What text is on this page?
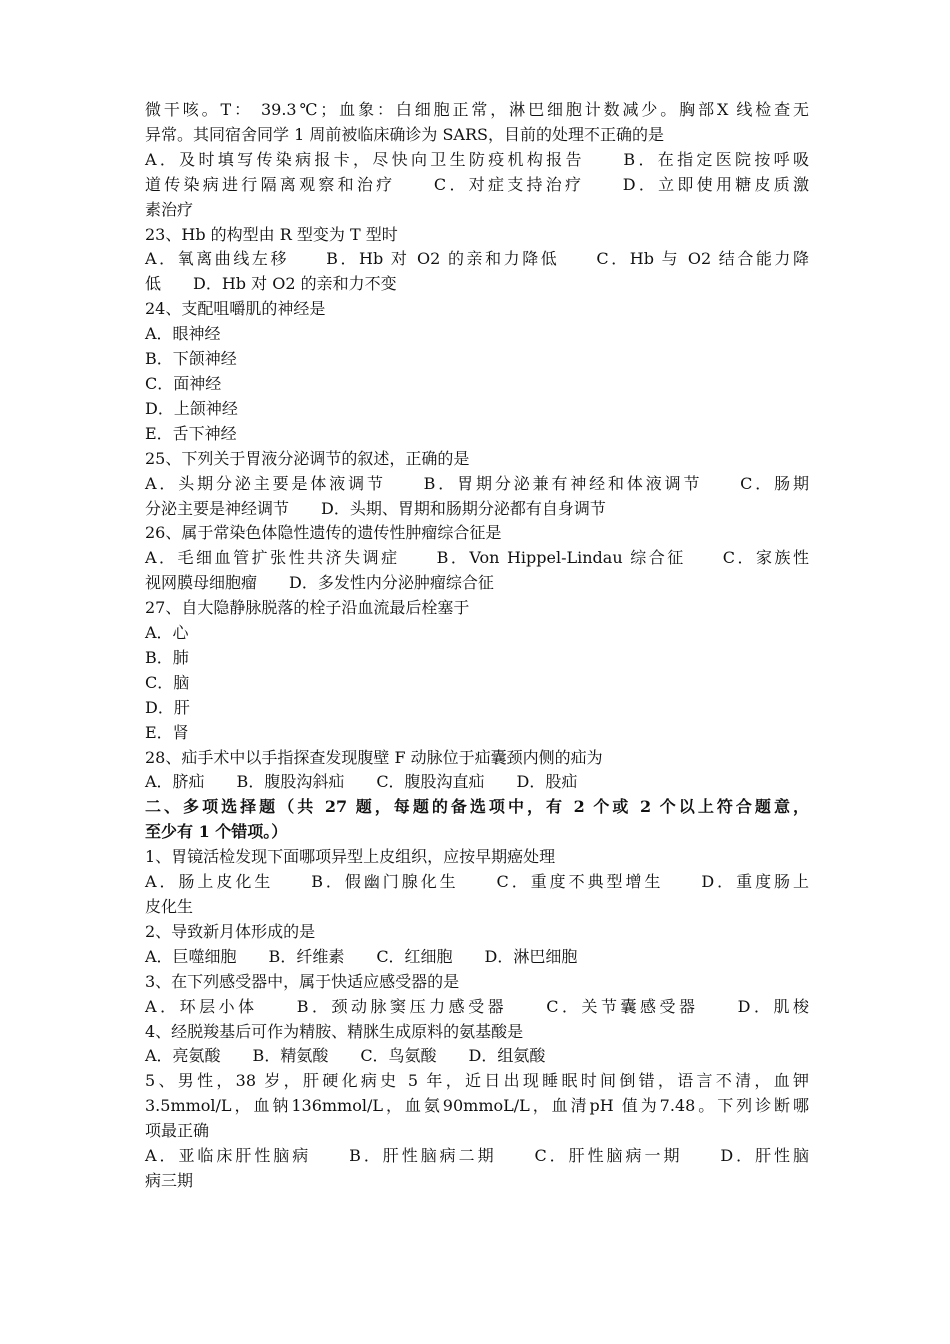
微干咳。T： 39.3℃；血象：白细胞正常，淋巴细胞计数减少。胸部X 线检查无
异常。其同宿舍同学 1 周前被临床确诊为 SARS，目前的处理不正确的是
A．及时填写传染病报卡，尽快向卫生防疫机构报告　　B．在指定医院按呼吸
道传染病进行隔离观察和治疗　　C．对症支持治疗　　D．立即使用糖皮质激
素治疗
23、Hb 的构型由 R 型变为 T 型时
A．氧离曲线左移　　B．Hb 对 O2 的亲和力降低　　C．Hb 与 O2 结合能力降
低　　D．Hb 对 O2 的亲和力不变
24、支配咀嚼肌的神经是
A．眼神经
B．下颌神经
C．面神经
D．上颌神经
E．舌下神经
25、下列关于胃液分泌调节的叙述，正确的是
A．头期分泌主要是体液调节　　B．胃期分泌兼有神经和体液调节　　C．肠期
分泌主要是神经调节　　D．头期、胃期和肠期分泌都有自身调节
26、属于常染色体隐性遗传的遗传性肿瘤综合征是
A．毛细血管扩张性共济失调症　　B．Von Hippel-Lindau 综合征　　C．家族性
视网膜母细胞瘤　　D．多发性内分泌肿瘤综合征
27、自大隐静脉脱落的栓子沿血流最后栓塞于
A．心
B．肺
C．脑
D．肝
E．肾
28、疝手术中以手指探查发现腹壁 F 动脉位于疝囊颈内侧的疝为
A．脐疝　　B．腹股沟斜疝　　C．腹股沟直疝　　D．股疝
二、多项选择题（共 27 题，每题的备选项中，有 2 个或 2 个以上符合题意，
至少有 1 个错项。）
1、胃镜活检发现下面哪项异型上皮组织，应按早期癌处理
A．肠上皮化生　　B．假幽门腺化生　　C．重度不典型增生　　D．重度肠上
皮化生
2、导致新月体形成的是
A．巨噬细胞　　B．纤维素　　C．红细胞　　D．淋巴细胞
3、在下列感受器中，属于快适应感受器的是
A．环层小体　　B．颈动脉窦压力感受器　　C．关节囊感受器　　D．肌梭
4、经脱羧基后可作为精胺、精脒生成原料的氨基酸是
A．亮氨酸　　B．精氨酸　　C．鸟氨酸　　D．组氨酸
5、男性，38 岁，肝硬化病史 5 年，近日出现睡眠时间倒错，语言不清，血钾
3.5mmol/L，血钠136mmol/L，血氨90mmoL/L，血清pH 值为7.48。下列诊断哪
项最正确
A．亚临床肝性脑病　　B．肝性脑病二期　　C．肝性脑病一期　　D．肝性脑
病三期
